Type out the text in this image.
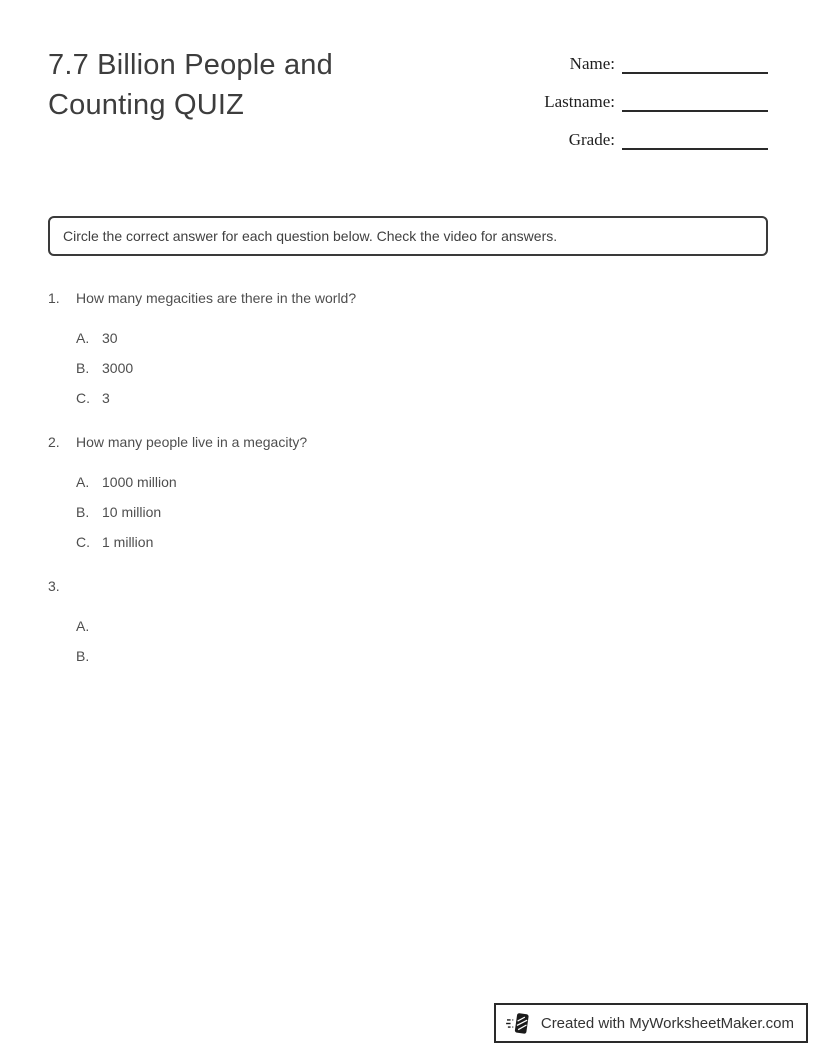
7.7 Billion People and Counting QUIZ
Name:
Lastname:
Grade:
Circle the correct answer for each question below. Check the video for answers.
1.	How many megacities are there in the world?
A. 30
B. 3000
C. 3
2.	How many people live in a megacity?
A. 1000 million
B. 10 million
C. 1 million
3.
A.
B.
Created with MyWorksheetMaker.com
